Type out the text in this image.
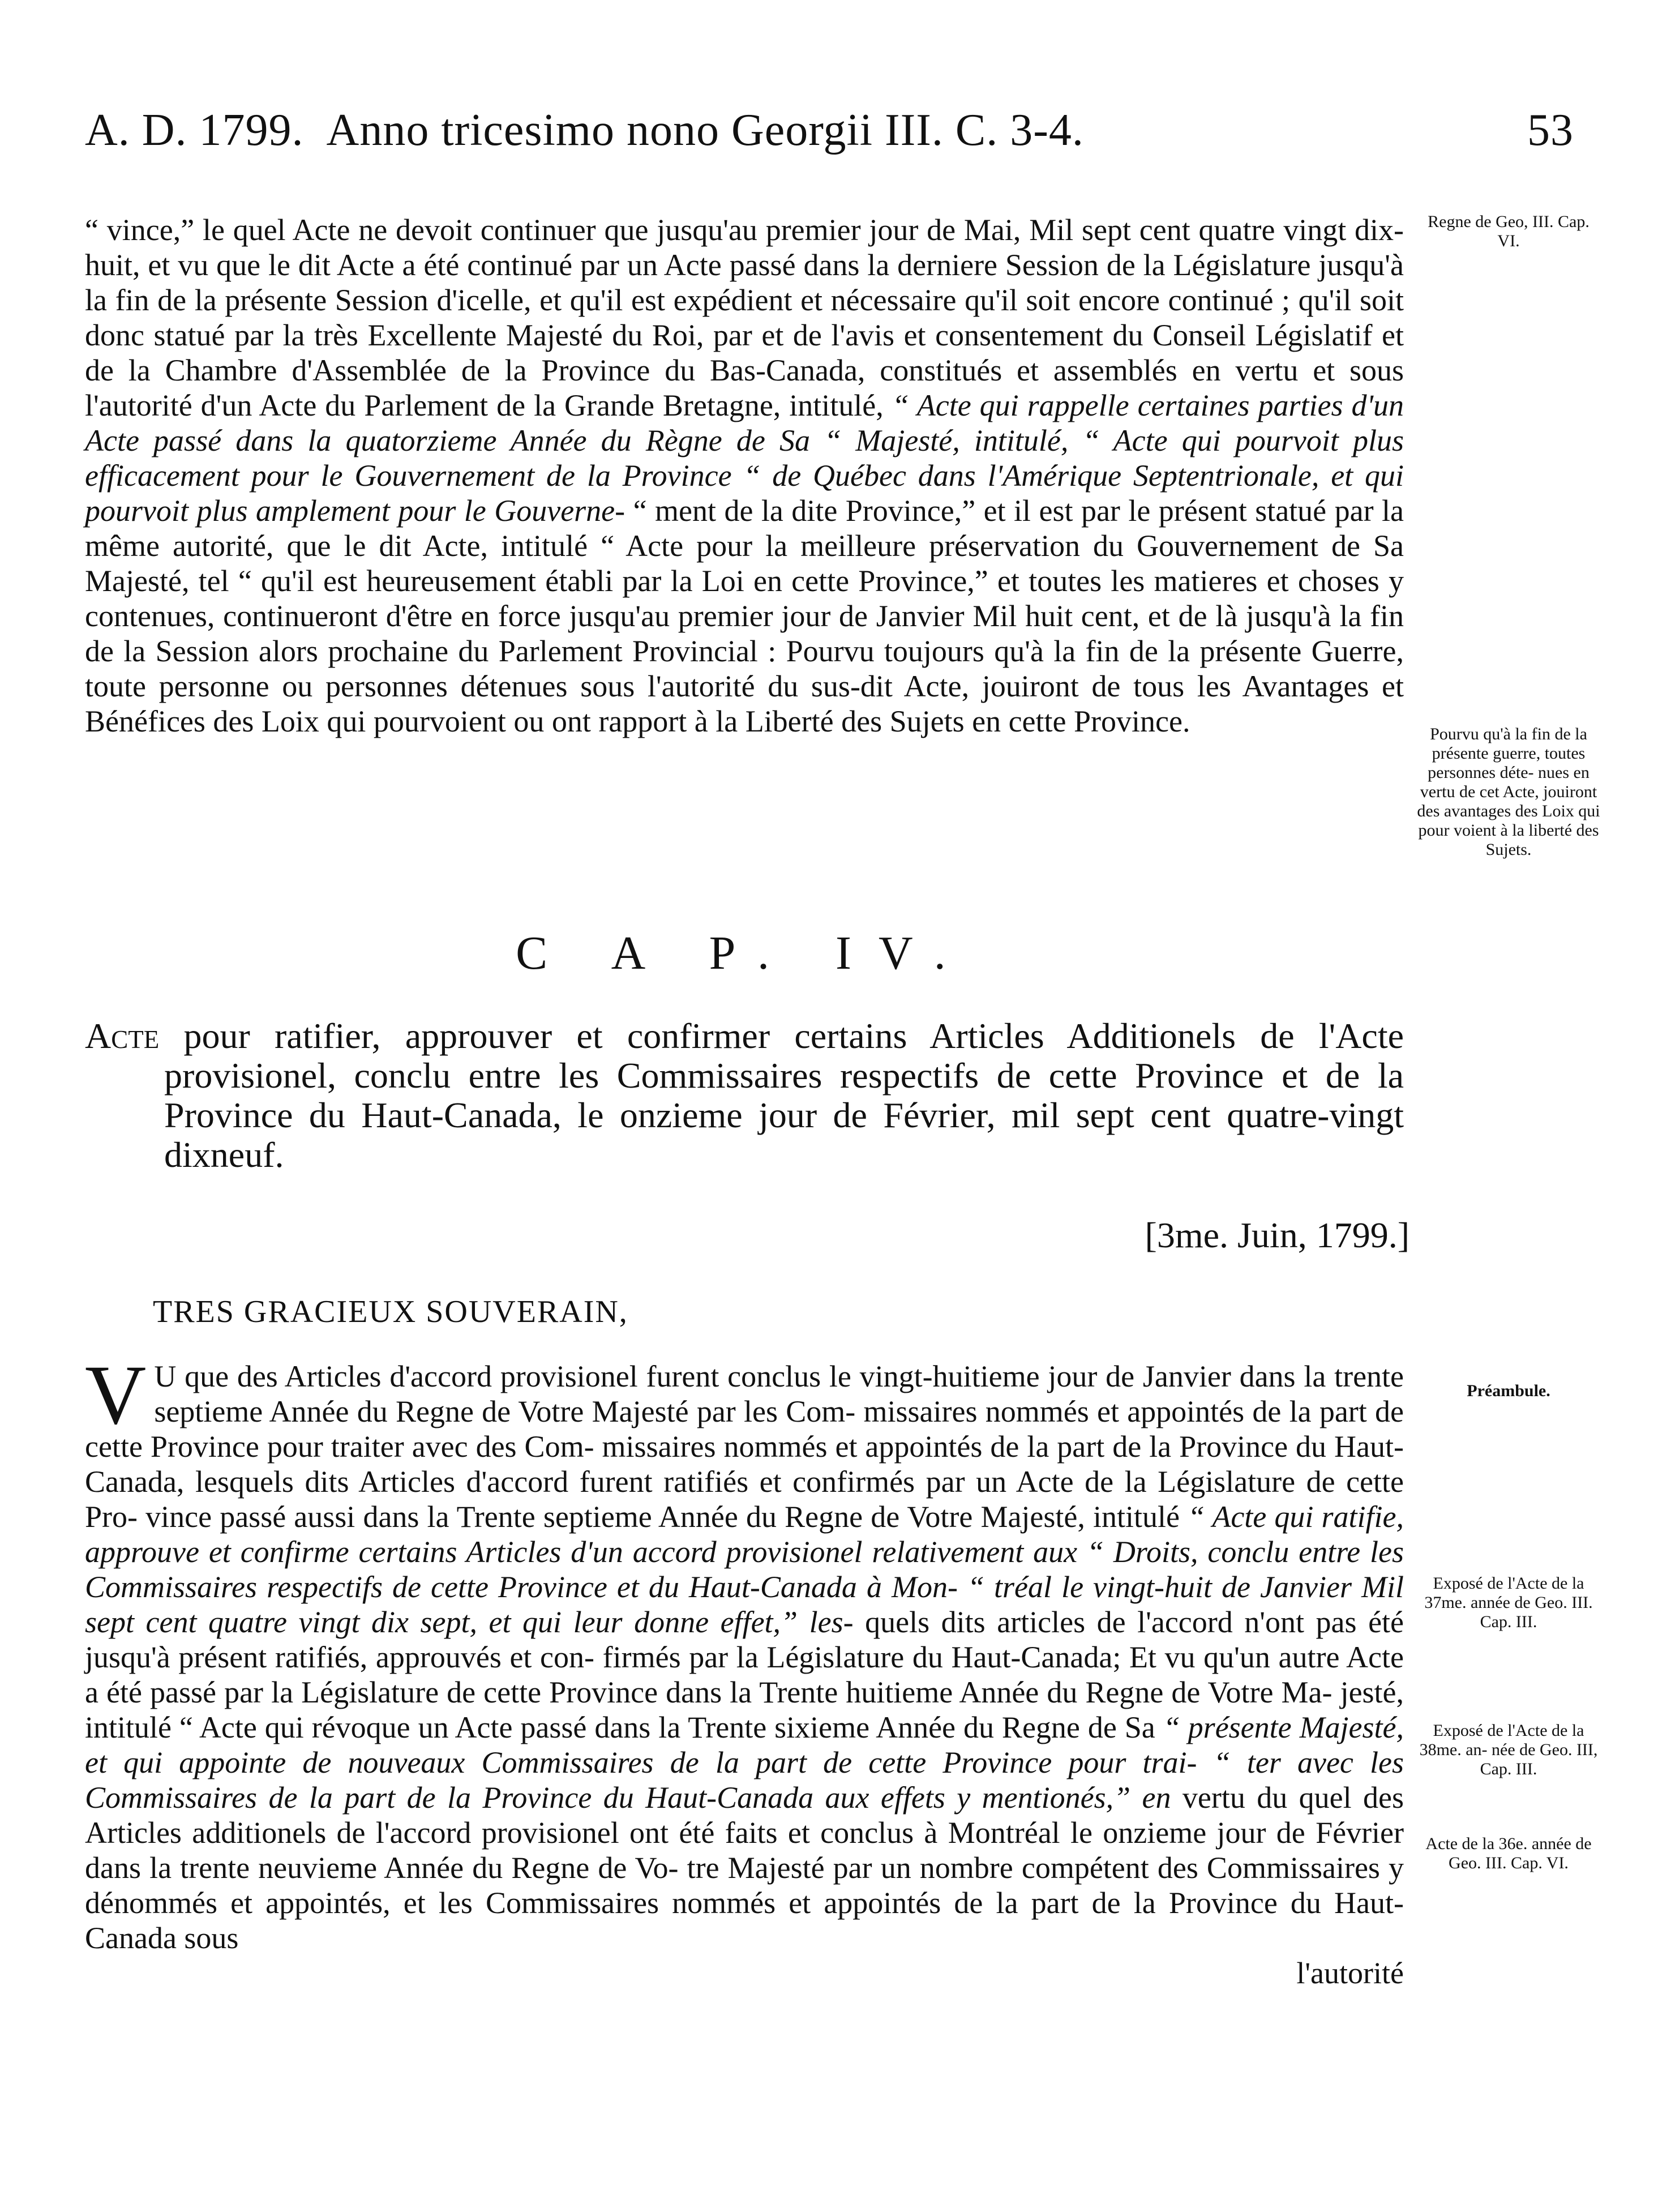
A. D. 1799. Anno tricesimo nono Georgii III. C. 3-4.	53

“ vince,” le quel Acte ne devoit continuer que jusqu'au premier jour de Mai, Mil sept cent quatre vingt dix-huit, et vu que le dit Acte a été continué par un Acte passé dans la derniere Session de la Législature jusqu'à la fin de la présente Session d'icelle, et qu'il est expédient et nécessaire qu'il soit encore continué ; qu'il soit donc statué par la très Excellente Majesté du Roi, par et de l'avis et consentement du Conseil Législatif et de la Chambre d'Assemblée de la Province du Bas-Canada, constitués et assemblés en vertu et sous l'autorité d'un Acte du Parlement de la Grande Bretagne, intitulé, “ Acte qui rappelle certaines parties d'un Acte passé dans la quatorzieme Année du Règne de Sa “ Majesté, intitulé, “ Acte qui pourvoit plus efficacement pour le Gouvernement de la Province “ de Québec dans l'Amérique Septentrionale, et qui pourvoit plus amplement pour le Gouverne- “ ment de la dite Province,” et il est par le présent statué par la même autorité, que le dit Acte, intitulé “ Acte pour la meilleure préservation du Gouvernement de Sa Majesté, tel “ qu'il est heureusement établi par la Loi en cette Province,” et toutes les matieres et choses y contenues, continueront d'être en force jusqu'au premier jour de Janvier Mil huit cent, et de là jusqu'à la fin de la Session alors prochaine du Parlement Provincial : Pourvu toujours qu'à la fin de la présente Guerre, toute personne ou personnes détenues sous l'autorité du sus-dit Acte, jouiront de tous les Avantages et Bénéfices des Loix qui pourvoient ou ont rapport à la Liberté des Sujets en cette Province.

C A P. IV.
Acte pour ratifier, approuver et confirmer certains Articles Additionels de l'Acte provisionel, conclu entre les Commissaires respectifs de cette Province et de la Province du Haut-Canada, le onzieme jour de Février, mil sept cent quatre-vingt dixneuf.
[3me. Juin, 1799.]
TRES GRACIEUX SOUVERAIN,

V U que des Articles d'accord provisionel furent conclus le vingt-huitieme jour de Janvier dans la trente septieme Année du Regne de Votre Majesté par les Com- missaires nommés et appointés de la part de cette Province pour traiter avec des Com- missaires nommés et appointés de la part de la Province du Haut-Canada, lesquels dits Articles d'accord furent ratifiés et confirmés par un Acte de la Législature de cette Pro- vince passé aussi dans la Trente septieme Année du Regne de Votre Majesté, intitulé “ Acte qui ratifie, approuve et confirme certains Articles d'un accord provisionel relativement aux “ Droits, conclu entre les Commissaires respectifs de cette Province et du Haut-Canada à Mon- “ tréal le vingt-huit de Janvier Mil sept cent quatre vingt dix sept, et qui leur donne effet,” les- quels dits articles de l'accord n'ont pas été jusqu'à présent ratifiés, approuvés et con- firmés par la Législature du Haut-Canada; Et vu qu'un autre Acte a été passé par la Législature de cette Province dans la Trente huitieme Année du Regne de Votre Ma- jesté, intitulé “ Acte qui révoque un Acte passé dans la Trente sixieme Année du Regne de Sa “ présente Majesté, et qui appointe de nouveaux Commissaires de la part de cette Province pour trai- “ ter avec les Commissaires de la part de la Province du Haut-Canada aux effets y mentionés,” en vertu du quel des Articles additionels de l'accord provisionel ont été faits et conclus à Montréal le onzieme jour de Février dans la trente neuvieme Année du Regne de Vo- tre Majesté par un nombre compétent des Commissaires y dénommés et appointés, et les Commissaires nommés et appointés de la part de la Province du Haut-Canada sous

l'autorité
Regne de Geo, III. Cap. VI.
Pourvu qu'à la fin de la présente guerre, toutes personnes déte- nues en vertu de cet Acte, jouiront des avantages des Loix qui pour voient à la liberté des Sujets.
Préambule.
Exposé de l'Acte de la 37me. année de Geo. III. Cap. III.
Exposé de l'Acte de la 38me. an- née de Geo. III, Cap. III.
Acte de la 36e. année de Geo. III. Cap. VI.
